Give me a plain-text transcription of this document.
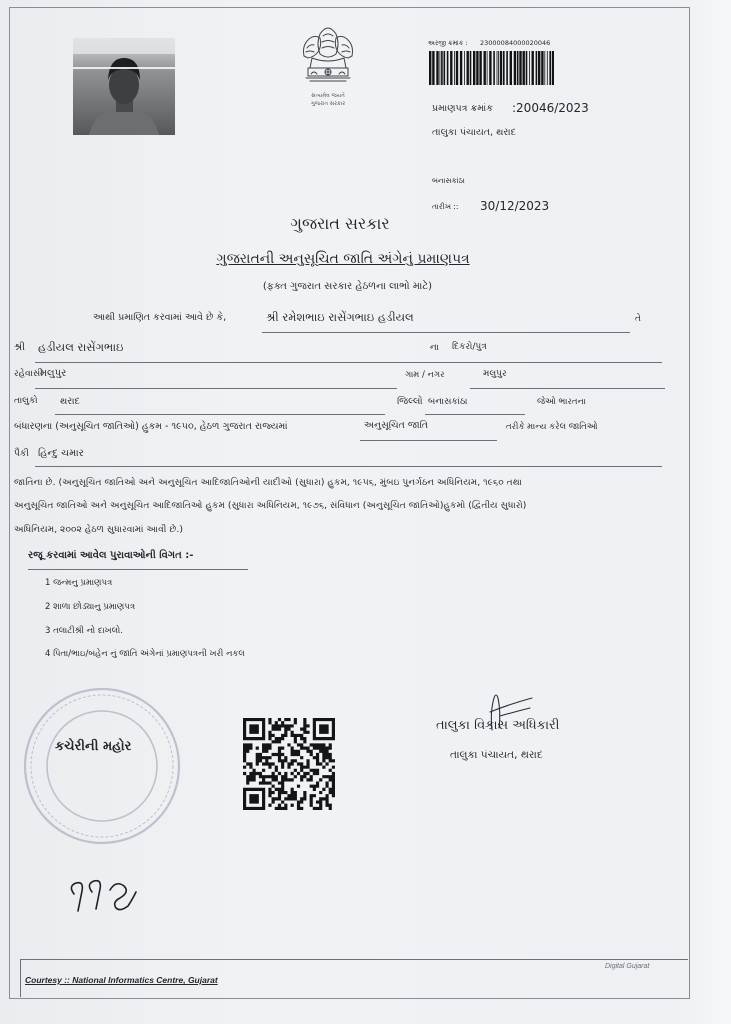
સત્યમેવ જયતે
ગુજરાત સરકાર
અરજી ક્રમાંક :	23000084000020046
પ્રમાણપત્ર ક્રમાંક	:20046/2023
તાલુકા પંચાયત, થરાદ
બનાસકાંઠા
તારીખ ::	30/12/2023
ગુજરાત સરકાર
ગુજરાતની અનુસૂચિત જાતિ અંગેનું પ્રમાણપત્ર
(ફક્ત ગુજરાત સરકાર હેઠળના લાભો માટે)
આથી પ્રમાણિત કરવામાં આવે છે કે,	શ્રી રમેશભાઇ રાસેંગભાઇ હડીયલ	તે
શ્રી	હડીયલ રાસેંગભાઇ	ના	દિકરો/પુત્ર
રહેવાસી
મલુપુર	ગામ / નગર	મલુપુર
તાલુકો	થરાદ	જિલ્લો બનાસકાંઠા	જેઓ ભારતના
બંધારણના (અનુસૂચિત જાતિઓ) હુકમ - ૧૯૫૦, હેઠળ ગુજરાત રાજ્યમાં	અનુસૂચિત જાતિ	તરીકે માન્ય કરેલ જાતિઓ
પૈકી હિન્દુ ચમાર
જાતિના છે. (અનુસૂચિત જાતિઓ અને અનુસૂચિત આદિજાતિઓની યાદીઓ (સુધારા) હુકમ, ૧૯૫૬, મુંબઇ પુનર્ગઠન અધિનિયમ, ૧૯૬૦ તથા
અનુસૂચિત જાતિઓ અને અનુસૂચિત આદિજાતિઓ હુકમ (સુધારા અધિનિયમ, ૧૯૭૬, સંવિધાન (અનુસૂચિત જાતિઓ)હુકમો (દ્વિતીય સુધારો)
અધિનિયમ, ૨૦૦૨ હેઠળ સુધારવામાં આવી છે.)
રજૂ કરવામાં આવેલ પુરાવાઓની વિગત :-
1 જન્મનુ પ્રમાણપત્ર
2 શાળા છોડ્યાનુ પ્રમાણપત્ર
3 તલાટીશ્રી નો દાખલો.
4 પિતા/ભાઇ/બહેન નું જાતિ અંગેનાં પ્રમાણપત્રની ખરી નકલ
કચેરીની મહોર
તાલુકા વિકાસ અધિકારી
તાલુકા પંચાયત, થરાદ
Courtesy :: National Informatics Centre, Gujarat
Digital Gujarat
